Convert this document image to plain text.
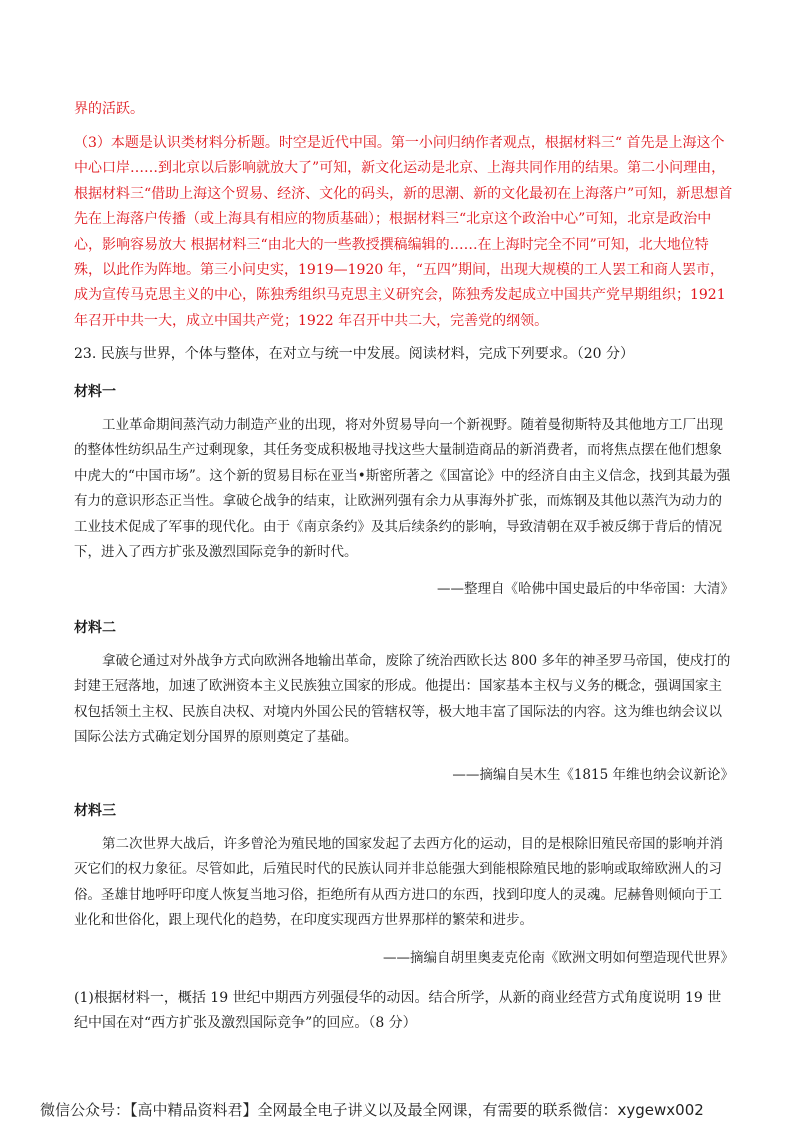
界的活跃。

（3）本题是认识类材料分析题。时空是近代中国。第一小问归纳作者观点，根据材料三“ 首先是上海这个中心口岸……到北京以后影响就放大了”可知，新文化运动是北京、上海共同作用的结果。第二小问理由，根据材料三“借助上海这个贸易、经济、文化的码头，新的思潮、新的文化最初在上海落户”可知，新思想首先在上海落户传播（或上海具有相应的物质基础）；根据材料三“北京这个政治中心”可知，北京是政治中心，影响容易放大 根据材料三“由北大的一些教授撰稿编辑的……在上海时完全不同”可知，北大地位特殊，以此作为阵地。第三小问史实，1919—1920 年，“五四”期间，出现大规模的工人罢工和商人罢市，成为宣传马克思主义的中心，陈独秀组织马克思主义研究会，陈独秀发起成立中国共产党早期组织；1921 年召开中共一大，成立中国共产党；1922 年召开中共二大，完善党的纲领。

23. 民族与世界，个体与整体，在对立与统一中发展。阅读材料，完成下列要求。（20 分）

材料一

工业革命期间蒸汽动力制造产业的出现，将对外贸易导向一个新视野。随着曼彻斯特及其他地方工厂出现的整体性纺织品生产过剩现象，其任务变成积极地寻找这些大量制造商品的新消费者，而将焦点摆在他们想象中虎大的“中国市场”。这个新的贸易目标在亚当•斯密所著之《国富论》中的经济自由主义信念，找到其最为强有力的意识形态正当性。拿破仑战争的结束，让欧洲列强有余力从事海外扩张，而炼钢及其他以蒸汽为动力的工业技术促成了军事的现代化。由于《南京条约》及其后续条约的影响，导致清朝在双手被反绑于背后的情况下，进入了西方扩张及激烈国际竞争的新时代。

——整理自《哈佛中国史最后的中华帝国：大清》

材料二

拿破仑通过对外战争方式向欧洲各地输出革命，废除了统治西欧长达 800 多年的神圣罗马帝国，使戍打的封建王冠落地，加速了欧洲资本主义民族独立国家的形成。他提出：国家基本主权与义务的概念，强调国家主权包括领土主权、民族自决权、对境内外国公民的管辖权等，极大地丰富了国际法的内容。这为维也纳会议以国际公法方式确定划分国界的原则奠定了基础。

——摘编自吴木生《1815 年维也纳会议新论》

材料三

第二次世界大战后，许多曾沦为殖民地的国家发起了去西方化的运动，目的是根除旧殖民帝国的影响并消灭它们的权力象征。尽管如此，后殖民时代的民族认同并非总能强大到能根除殖民地的影响或取缔欧洲人的习俗。圣雄甘地呼吁印度人恢复当地习俗，拒绝所有从西方进口的东西，找到印度人的灵魂。尼赫鲁则倾向于工业化和世俗化，跟上现代化的趋势，在印度实现西方世界那样的繁荣和进步。

——摘编自胡里奥麦克伦南《欧洲文明如何塑造现代世界》

(1)根据材料一，概括 19 世纪中期西方列强侵华的动因。结合所学，从新的商业经营方式角度说明 19 世纪中国在对“西方扩张及激烈国际竞争”的回应。（8 分）

微信公众号：【高中精品资料君】全网最全电子讲义以及最全网课，有需要的联系微信：xygewx002
